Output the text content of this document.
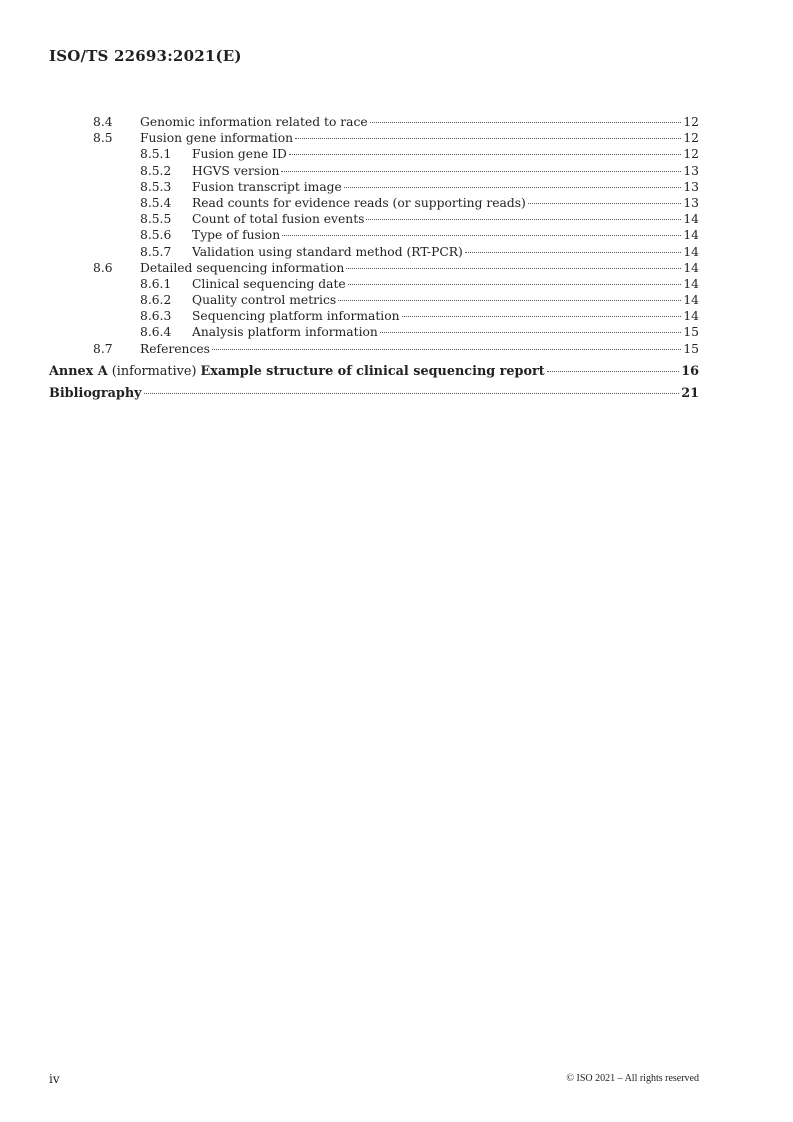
ISO/TS 22693:2021(E)
8.4 Genomic information related to race	12
8.5 Fusion gene information	12
8.5.1 Fusion gene ID	12
8.5.2 HGVS version	13
8.5.3 Fusion transcript image	13
8.5.4 Read counts for evidence reads (or supporting reads)	13
8.5.5 Count of total fusion events	14
8.5.6 Type of fusion	14
8.5.7 Validation using standard method (RT-PCR)	14
8.6 Detailed sequencing information	14
8.6.1 Clinical sequencing date	14
8.6.2 Quality control metrics	14
8.6.3 Sequencing platform information	14
8.6.4 Analysis platform information	15
8.7 References	15
Annex A (informative) Example structure of clinical sequencing report	16
Bibliography	21
iv	© ISO 2021 – All rights reserved
